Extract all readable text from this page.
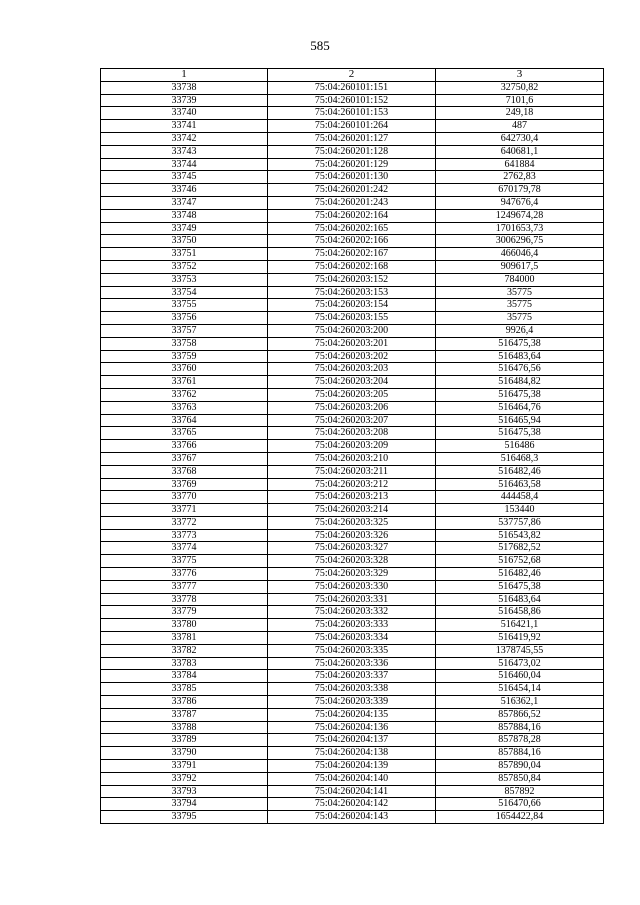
585
1	2	3
33738	75:04:260101:151	32750,82
33739	75:04:260101:152	7101,6
33740	75:04:260101:153	249,18
33741	75:04:260101:264	487
33742	75:04:260201:127	642730,4
33743	75:04:260201:128	640681,1
33744	75:04:260201:129	641884
33745	75:04:260201:130	2762,83
33746	75:04:260201:242	670179,78
33747	75:04:260201:243	947676,4
33748	75:04:260202:164	1249674,28
33749	75:04:260202:165	1701653,73
33750	75:04:260202:166	3006296,75
33751	75:04:260202:167	466046,4
33752	75:04:260202:168	909617,5
33753	75:04:260203:152	784000
33754	75:04:260203:153	35775
33755	75:04:260203:154	35775
33756	75:04:260203:155	35775
33757	75:04:260203:200	9926,4
33758	75:04:260203:201	516475,38
33759	75:04:260203:202	516483,64
33760	75:04:260203:203	516476,56
33761	75:04:260203:204	516484,82
33762	75:04:260203:205	516475,38
33763	75:04:260203:206	516464,76
33764	75:04:260203:207	516465,94
33765	75:04:260203:208	516475,38
33766	75:04:260203:209	516486
33767	75:04:260203:210	516468,3
33768	75:04:260203:211	516482,46
33769	75:04:260203:212	516463,58
33770	75:04:260203:213	444458,4
33771	75:04:260203:214	153440
33772	75:04:260203:325	537757,86
33773	75:04:260203:326	516543,82
33774	75:04:260203:327	517682,52
33775	75:04:260203:328	516752,68
33776	75:04:260203:329	516482,46
33777	75:04:260203:330	516475,38
33778	75:04:260203:331	516483,64
33779	75:04:260203:332	516458,86
33780	75:04:260203:333	516421,1
33781	75:04:260203:334	516419,92
33782	75:04:260203:335	1378745,55
33783	75:04:260203:336	516473,02
33784	75:04:260203:337	516460,04
33785	75:04:260203:338	516454,14
33786	75:04:260203:339	516362,1
33787	75:04:260204:135	857866,52
33788	75:04:260204:136	857884,16
33789	75:04:260204:137	857878,28
33790	75:04:260204:138	857884,16
33791	75:04:260204:139	857890,04
33792	75:04:260204:140	857850,84
33793	75:04:260204:141	857892
33794	75:04:260204:142	516470,66
33795	75:04:260204:143	1654422,84
